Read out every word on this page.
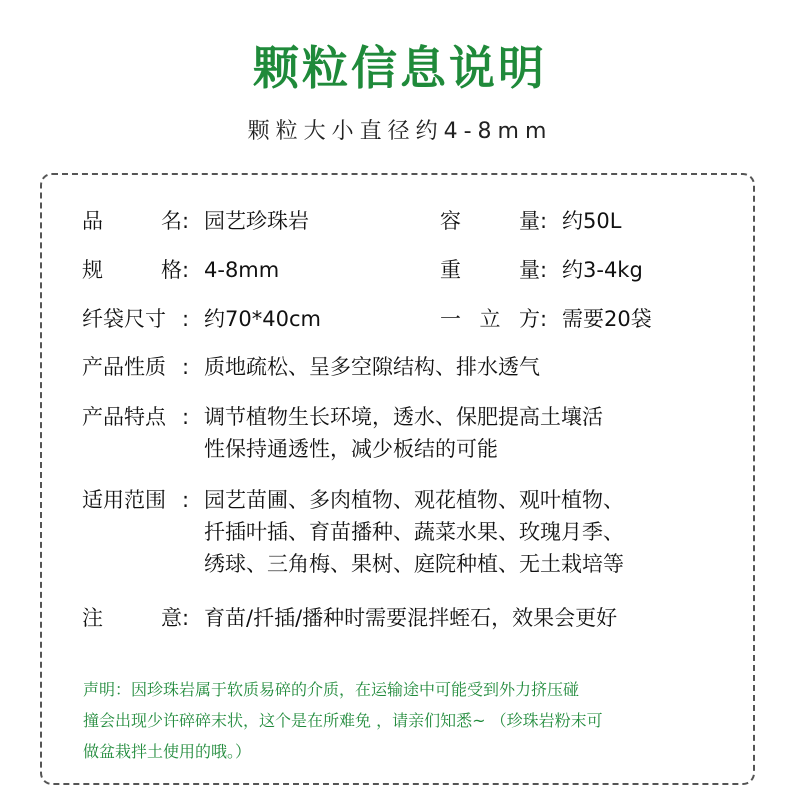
颗粒信息说明
颗粒大小直径约4-8mm
品	名 : 园艺珍珠岩	容	量 : 约50L
规	格 : 4-8mm	重	量 : 约3-4kg
纤袋尺寸 : 约70*40cm	一 立 方 : 需要20袋
产品性质 : 质地疏松、呈多空隙结构、排水透气
产品特点 : 调节植物生长环境，透水、保肥提高土壤活
性保持通透性，减少板结的可能
适用范围 : 园艺苗圃、多肉植物、观花植物、观叶植物、
扦插叶插、育苗播种、蔬菜水果、玫瑰月季、
绣球、三角梅、果树、庭院种植、无土栽培等
注	意 : 育苗/扦插/播种时需要混拌蛭石，效果会更好
声明：因珍珠岩属于软质易碎的介质，在运输途中可能受到外力挤压碰
撞会出现少许碎碎末状，这个是在所难免 ，请亲们知悉~ （珍珠岩粉末可
做盆栽拌土使用的哦。）
